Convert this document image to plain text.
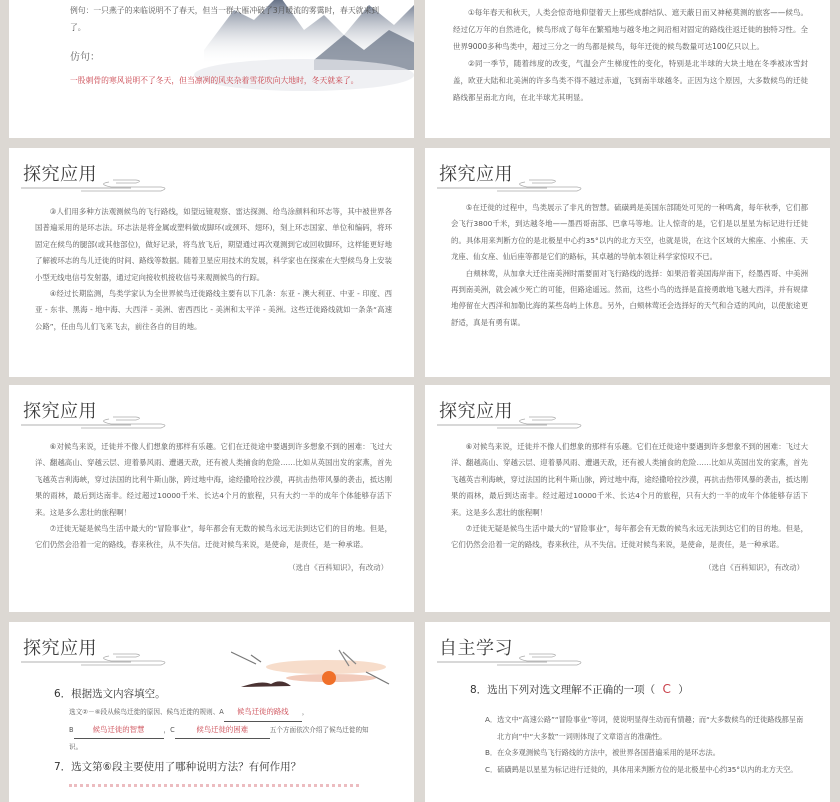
例句：一只燕子的来临说明不了春天，但当一群大雁冲破了3月暖流的雾霭时，春天就来到了。
仿句：
一股刺骨的寒风说明不了冬天，但当凛冽的风夹杂着雪花吹向大地时，冬天就来了。

①每年春天和秋天，人类会惊奇地仰望着天上那些成群结队、遮天蔽日而又神秘莫测的旅客——候鸟。经过亿万年的自然进化，候鸟形成了每年在繁殖地与越冬地之间沿相对固定的路线往返迁徙的独特习性。全世界9000多种鸟类中，超过三分之一的鸟都是候鸟，每年迁徙的候鸟数量可达100亿只以上。

②同一季节，随着纬度的改变，气温会产生梯度性的变化，特别是北半球的大块土地在冬季被冰雪封盖，欧亚大陆和北美洲的许多鸟类不得不越过赤道，飞到南半球越冬。正因为这个原因，大多数候鸟的迁徙路线都呈南北方向，在北半球尤其明显。

探究应用

③人们用多种方法观测候鸟的飞行路线，如望远镜观察、雷达探测、给鸟涂颜料和环志等，其中被世界各国普遍采用的是环志法。环志法是将金属或塑料做成脚环(或颈环、翅环)，刻上环志国家、单位和编码，将环固定在候鸟的腿部(或其他部位)，做好记录，将鸟放飞后，期望通过再次观测到它或回收脚环，这样能更好地了解被环志的鸟儿迁徙的时间、路线等数据。随着卫星应用技术的发展，科学家也在探索在大型候鸟身上安装小型无线电信号发射器，通过定向接收机接收信号来观测候鸟的行踪。

④经过长期监测，鸟类学家认为全世界候鸟迁徙路线主要有以下几条：东亚 - 澳大利亚、中亚 - 印度、西亚 - 东非、黑海 - 地中海、大西洋 - 美洲、密西西比 - 美洲和太平洋 - 美洲。这些迁徙路线就如一条条“高速公路”，任由鸟儿们飞来飞去，前往各自的目的地。

探究应用

⑤在迁徙的过程中，鸟类展示了非凡的智慧。硫磺鹀是美国东部随处可见的一种鸣禽，每年秋季，它们都会飞行3800千米，到达越冬地——墨西哥南部、巴拿马等地。让人惊奇的是，它们是以星星为标记进行迁徙的。具体用来判断方位的是北极星中心约35°以内的北方天空，也就是说，在这个区域的大熊座、小熊座、天龙座、仙女座、仙后座等都是它们的路标，其卓越的导航本领让科学家惊叹不已。

白颊林莺，从加拿大迁往南美洲时需要面对飞行路线的选择：如果沿着美国海岸南下，经墨西哥、中美洲再到南美洲，就会减少死亡的可能，但路途遥远。然而，这些小鸟的选择是直接勇敢地飞越大西洋，并有规律地停留在大西洋和加勒比海的某些岛屿上休息。另外，白颊林莺还会选择好的天气和合适的风向，以使旅途更舒适，真是有勇有谋。

探究应用

⑥对候鸟来说，迁徙并不像人们想象的那样有乐趣。它们在迁徙途中要遇到许多想象不到的困难：飞过大洋、翻越高山、穿越云层、迎着暴风雨、遭遇天敌，还有被人类捕食的危险……比如从英国出发的家燕，首先飞越英吉利海峡，穿过法国的比利牛斯山脉，跨过地中海，途经撒哈拉沙漠，再抗击热带风暴的袭击，抵达刚果的雨林，最后到达南非。经过超过10000千米、长达4个月的旅程，只有大约一半的成年个体能够存活下来。这是多么悲壮的旅程啊！

⑦迁徙无疑是候鸟生活中最大的“冒险事业”，每年都会有无数的候鸟永远无法到达它们的目的地。但是，它们仍然会沿着一定的路线，春来秋往，从不失信。迁徙对候鸟来说，是使命，是责任，是一种承诺。

（选自《百科知识》，有改动）

探究应用

⑥对候鸟来说，迁徙并不像人们想象的那样有乐趣。它们在迁徙途中要遇到许多想象不到的困难：飞过大洋、翻越高山、穿越云层、迎着暴风雨、遭遇天敌，还有被人类捕食的危险……比如从英国出发的家燕，首先飞越英吉利海峡，穿过法国的比利牛斯山脉，跨过地中海，途经撒哈拉沙漠，再抗击热带风暴的袭击，抵达刚果的雨林，最后到达南非。经过超过10000千米、长达4个月的旅程，只有大约一半的成年个体能够存活下来。这是多么悲壮的旅程啊！

⑦迁徙无疑是候鸟生活中最大的“冒险事业”，每年都会有无数的候鸟永远无法到达它们的目的地。但是，它们仍然会沿着一定的路线，春来秋往，从不失信。迁徙对候鸟来说，是使命，是责任，是一种承诺。

（选自《百科知识》，有改动）

探究应用
6．根据选文内容填空。
选文②－⑥段从候鸟迁徙的原因、候鸟迁徙的规则、A 候鸟迁徙的路线 ，
B	候鸟迁徙的智慧	，C	候鸟迁徙的困难	五个方面依次介绍了候鸟迁徙的知识。
7．选文第⑥段主要使用了哪种说明方法？有何作用？
自主学习
8．选出下列对选文理解不正确的一项（ C ）
A．选文中“高速公路”“冒险事业”等词，使说明显得生动而有情趣；而“大多数候鸟的迁徙路线都呈南北方向”中“大多数”一词则体现了文章语言的准确性。
B．在众多观测候鸟飞行路线的方法中，被世界各国普遍采用的是环志法。
C．硫磺鹀是以星星为标记进行迁徙的，具体用来判断方位的是北极星中心约35°以内的北方天空。
